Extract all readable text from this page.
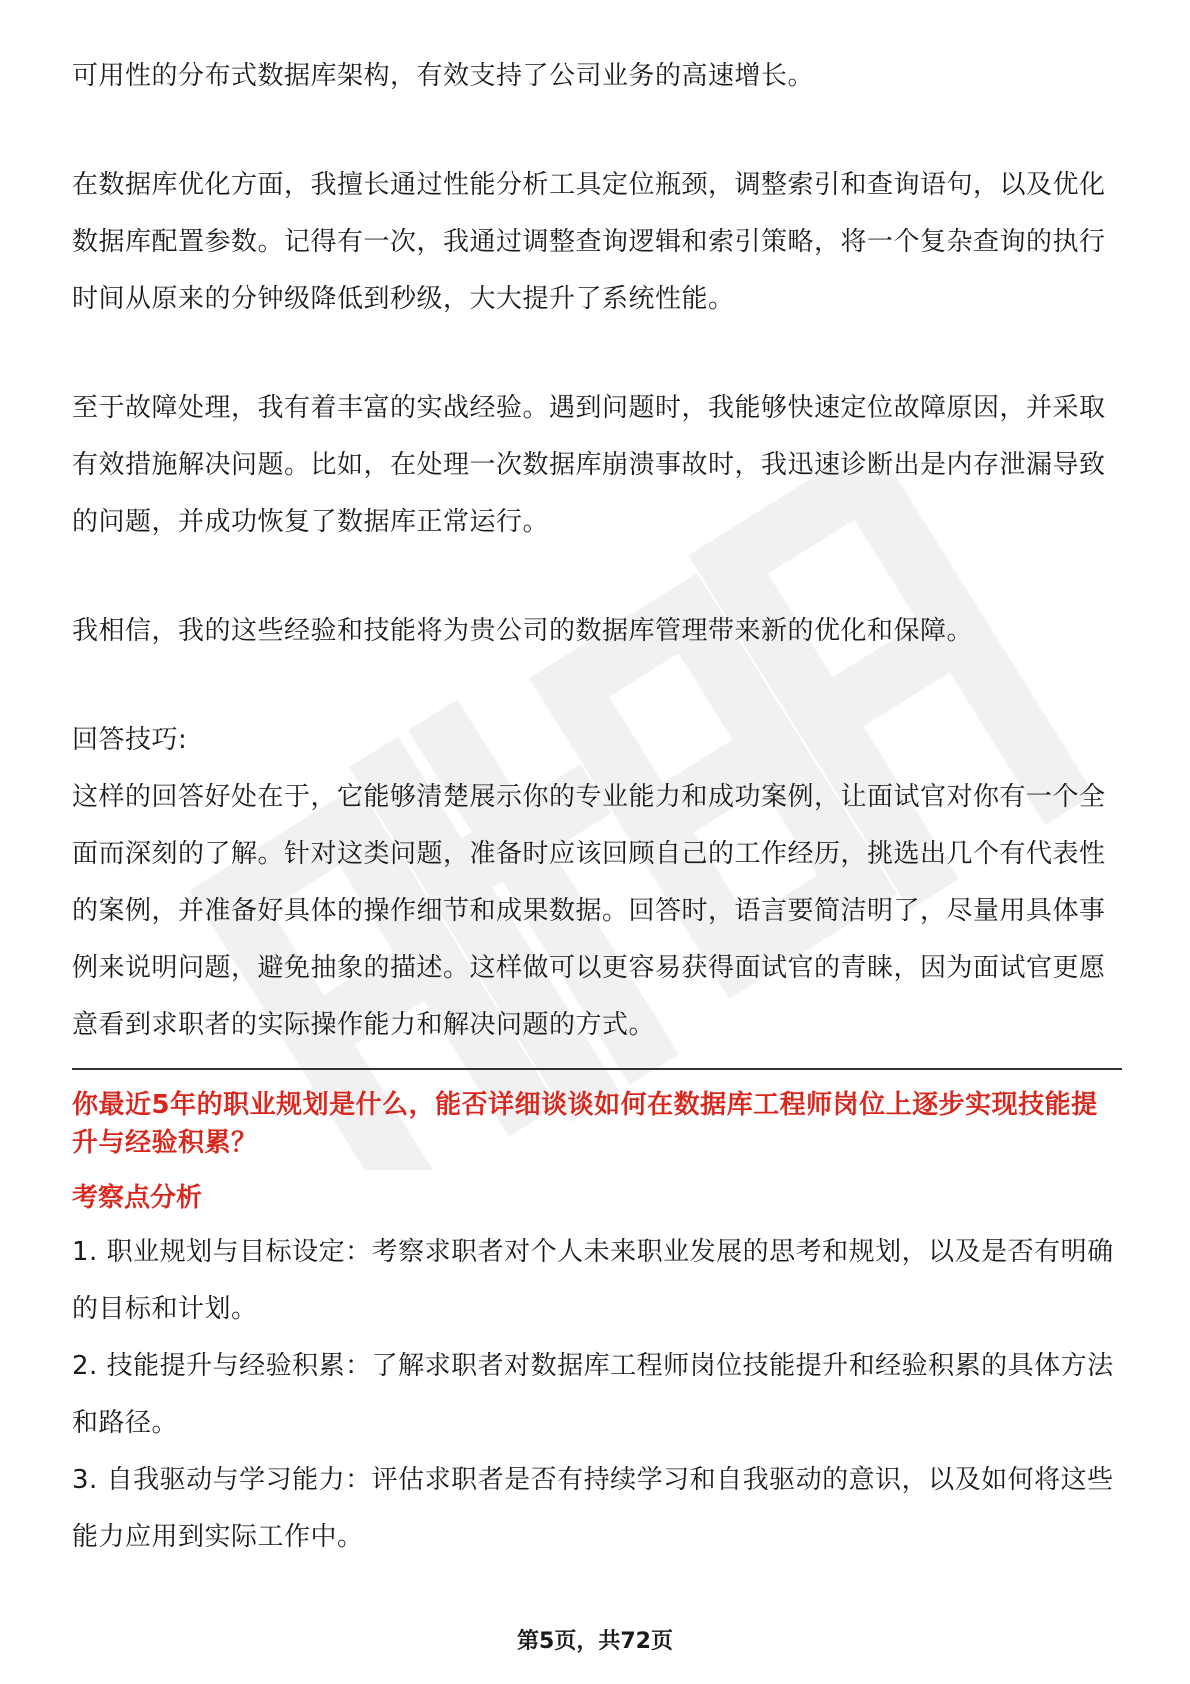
可用性的分布式数据库架构，有效支持了公司业务的高速增长。

在数据库优化方面，我擅长通过性能分析工具定位瓶颈，调整索引和查询语句，以及优化数据库配置参数。记得有一次，我通过调整查询逻辑和索引策略，将一个复杂查询的执行时间从原来的分钟级降低到秒级，大大提升了系统性能。

至于故障处理，我有着丰富的实战经验。遇到问题时，我能够快速定位故障原因，并采取有效措施解决问题。比如，在处理一次数据库崩溃事故时，我迅速诊断出是内存泄漏导致的问题，并成功恢复了数据库正常运行。

我相信，我的这些经验和技能将为贵公司的数据库管理带来新的优化和保障。

回答技巧:

这样的回答好处在于，它能够清楚展示你的专业能力和成功案例，让面试官对你有一个全面而深刻的了解。针对这类问题，准备时应该回顾自己的工作经历，挑选出几个有代表性的案例，并准备好具体的操作细节和成果数据。回答时，语言要简洁明了，尽量用具体事例来说明问题，避免抽象的描述。这样做可以更容易获得面试官的青睐，因为面试官更愿意看到求职者的实际操作能力和解决问题的方式。

你最近5年的职业规划是什么，能否详细谈谈如何在数据库工程师岗位上逐步实现技能提升与经验积累？

考察点分析

1. 职业规划与目标设定：考察求职者对个人未来职业发展的思考和规划，以及是否有明确的目标和计划。

2. 技能提升与经验积累：了解求职者对数据库工程师岗位技能提升和经验积累的具体方法和路径。

3. 自我驱动与学习能力：评估求职者是否有持续学习和自我驱动的意识，以及如何将这些能力应用到实际工作中。

第5页，共72页
